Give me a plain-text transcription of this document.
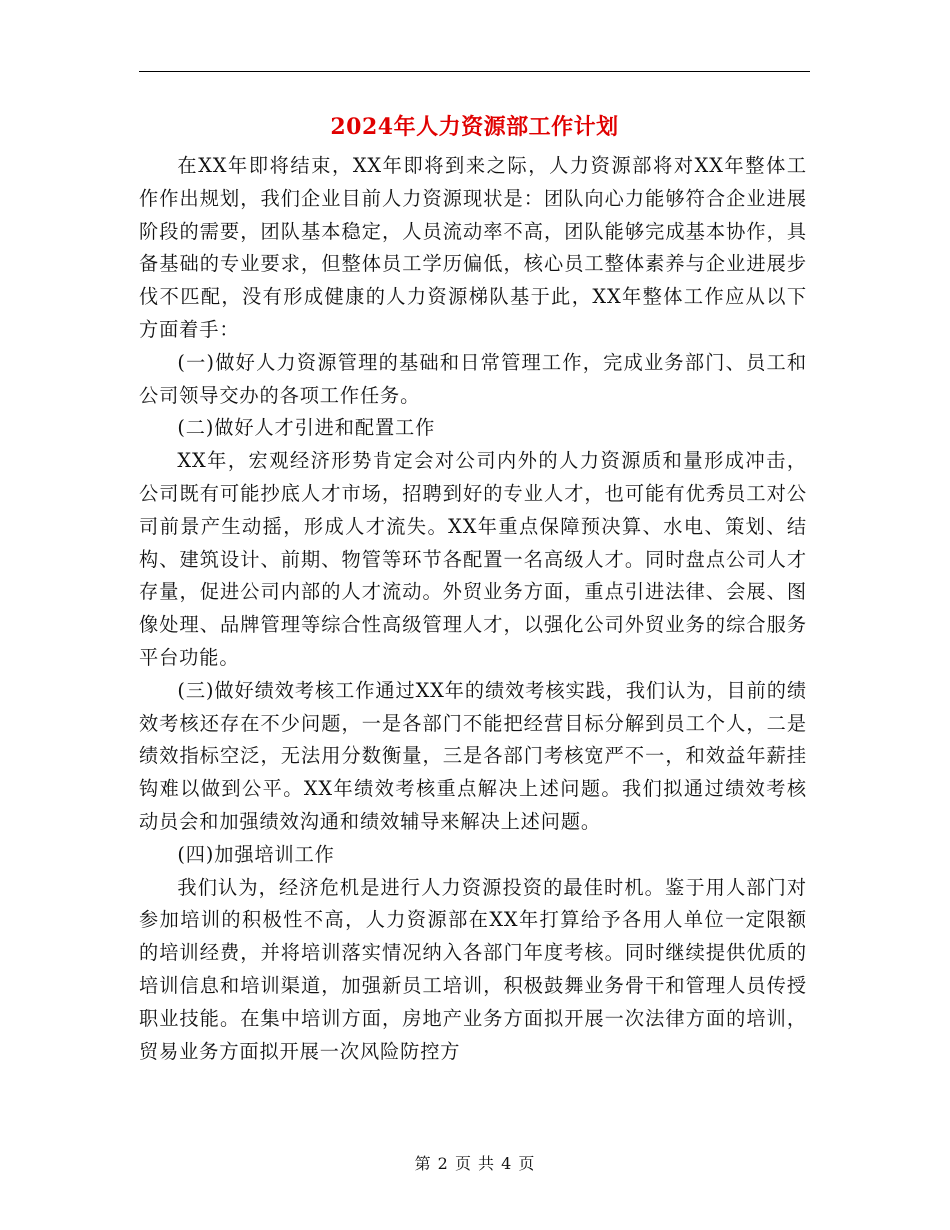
2024年人力资源部工作计划

在XX年即将结束，XX年即将到来之际，人力资源部将对XX年整体工作作出规划，我们企业目前人力资源现状是：团队向心力能够符合企业进展阶段的需要，团队基本稳定，人员流动率不高，团队能够完成基本协作，具备基础的专业要求，但整体员工学历偏低，核心员工整体素养与企业进展步伐不匹配，没有形成健康的人力资源梯队基于此，XX年整体工作应从以下方面着手：

(一)做好人力资源管理的基础和日常管理工作，完成业务部门、员工和公司领导交办的各项工作任务。

(二)做好人才引进和配置工作

XX年，宏观经济形势肯定会对公司内外的人力资源质和量形成冲击，公司既有可能抄底人才市场，招聘到好的专业人才，也可能有优秀员工对公司前景产生动摇，形成人才流失。XX年重点保障预决算、水电、策划、结构、建筑设计、前期、物管等环节各配置一名高级人才。同时盘点公司人才存量，促进公司内部的人才流动。外贸业务方面，重点引进法律、会展、图像处理、品牌管理等综合性高级管理人才，以强化公司外贸业务的综合服务平台功能。

(三)做好绩效考核工作通过XX年的绩效考核实践，我们认为，目前的绩效考核还存在不少问题，一是各部门不能把经营目标分解到员工个人，二是绩效指标空泛，无法用分数衡量，三是各部门考核宽严不一，和效益年薪挂钩难以做到公平。XX年绩效考核重点解决上述问题。我们拟通过绩效考核动员会和加强绩效沟通和绩效辅导来解决上述问题。

(四)加强培训工作

我们认为，经济危机是进行人力资源投资的最佳时机。鉴于用人部门对参加培训的积极性不高，人力资源部在XX年打算给予各用人单位一定限额的培训经费，并将培训落实情况纳入各部门年度考核。同时继续提供优质的培训信息和培训渠道，加强新员工培训，积极鼓舞业务骨干和管理人员传授职业技能。在集中培训方面，房地产业务方面拟开展一次法律方面的培训，贸易业务方面拟开展一次风险防控方

第 2 页 共 4 页
